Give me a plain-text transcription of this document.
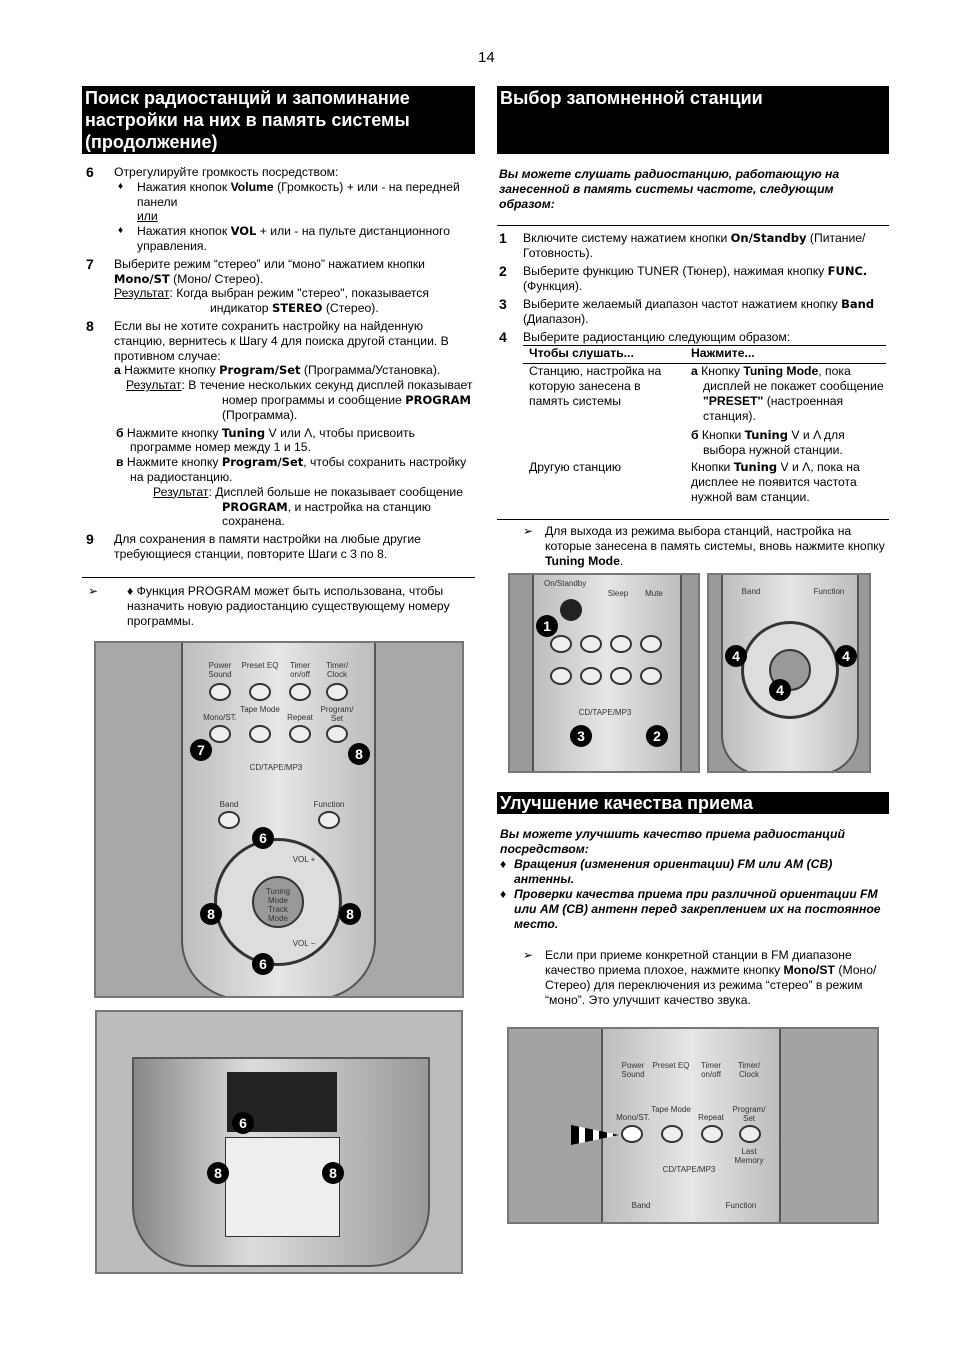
14
Поиск радиостанций и запоминание настройки на них в память системы (продолжение)
6 Отрегулируйте громкость посредством:
♦ Нажатия кнопок Volume (Громкость) + или - на передней панели
или
♦ Нажатия кнопок VOL + или - на пульте дистанционного управления.
7 Выберите режим “стерео” или “моно” нажатием кнопки Mono/ST (Моно/ Стерео).
Результат: Когда выбран режим "стерео", показывается индикатор STEREO (Стерео).
8 Если вы не хотите сохранить настройку на найденную станцию, вернитесь к Шагу 4 для поиска другой станции. В противном случае:
а Нажмите кнопку Program/Set (Программа/Установка).
Результат: В течение нескольких секунд дисплей показывает номер программы и сообщение PROGRAM (Программа).
б Нажмите кнопку Tuning V или Λ, чтобы присвоить программе номер между 1 и 15.
в Нажмите кнопку Program/Set, чтобы сохранить настройку на радиостанцию.
Результат: Дисплей больше не показывает сообщение PROGRAM, и настройка на станцию сохранена.
9 Для сохранения в памяти настройки на любые другие требующиеся станции, повторите Шаги с 3 по 8.
➢	♦ Функция PROGRAM может быть использована, чтобы назначить новую радиостанцию существующему номеру программы.
Power Sound
Preset EQ	Timer on/off
Timer/ Clock
Mono/ST.
Tape Mode
Repeat
Program/ Set
CD/TAPE/MP3
Band	Function
Tuning Mode Track Mode
VOL +
VOL −
6
6
7	8
8	8
6
8	8
Выбор запомненной станции
Вы можете слушать радиостанцию, работающую на занесенной в память системы частоте, следующим образом:
1 Включите систему нажатием кнопки On/Standby (Питание/ Готовность).
2 Выберите функцию TUNER (Тюнер), нажимая кнопку FUNC. (Функция).
3 Выберите желаемый диапазон частот нажатием кнопку Band (Диапазон).
4 Выберите радиостанцию следующим образом:
Чтобы слушать...	Нажмите...
Станцию, настройка на которую занесена в память системы	а Кнопку Tuning Mode, пока дисплей не покажет сообщение "PRESET" (настроенная станция).
б Кнопки Tuning V и Λ для выбора нужной станции.

Другую станцию	Кнопки Tuning V и Λ, пока на дисплее не появится частота нужной вам станции.
➢ Для выхода из режима выбора станций, настройка на которые занесена в память системы, вновь нажмите кнопку Tuning Mode.
On/Standby
Sleep	Mute
CD/TAPE/MP3
1
3	2
Band	Function
4	4
4
Улучшение качества приема
Вы можете улучшить качество приема радиостанций посредством:
♦ Вращения (изменения ориентации) FM или AM (CB) антенны.
♦ Проверки качества приема при различной ориентации FM или AM (CB) антенн перед закреплением их на постоянное место.
➢ Если при приеме конкретной станции в FM диапазоне качество приема плохое, нажмите кнопку Mono/ST (Моно/Стерео) для переключения из режима “стерео” в режим “моно”. Это улучшит качество звука.
Power Sound
Preset EQ	Timer on/off
Timer/ Clock
Mono/ST.
Tape Mode
Repeat
Program/ Set
Last Memory
CD/TAPE/MP3
Band	Function
